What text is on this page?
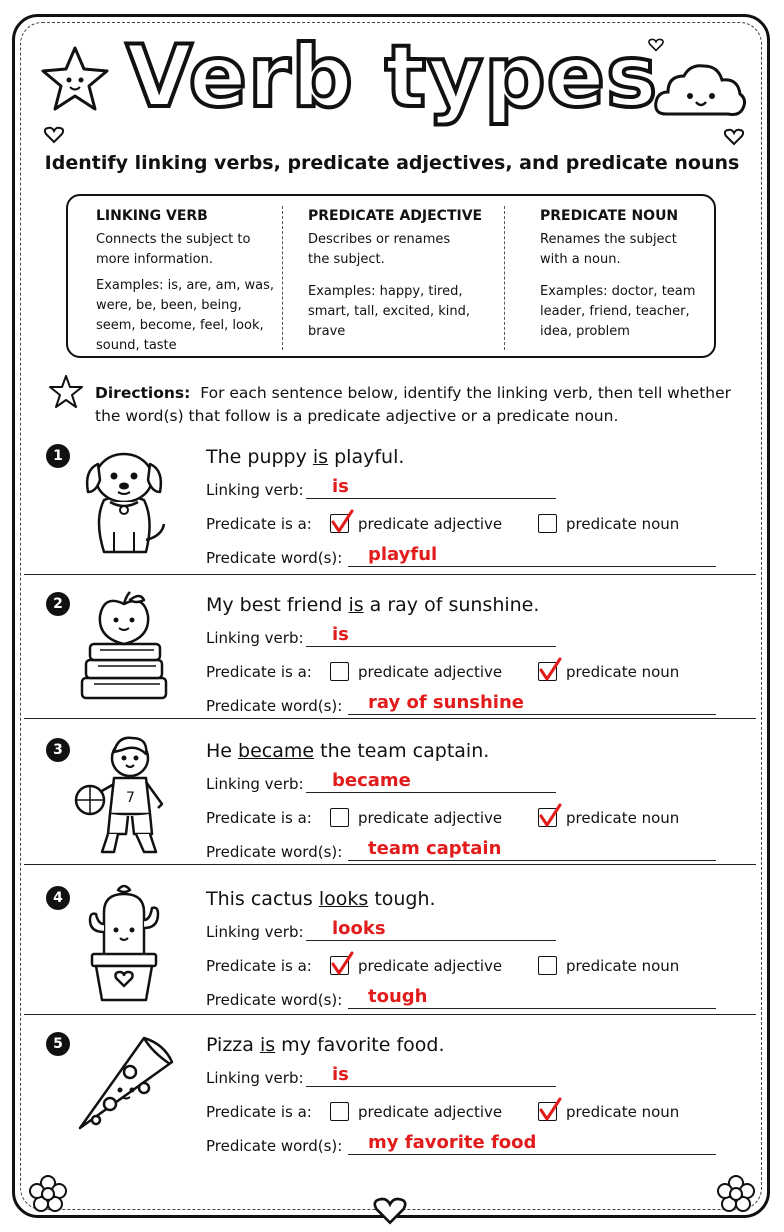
Verb types
Identify linking verbs, predicate adjectives, and predicate nouns
LINKING VERB

Connects the subject to more information.

Examples: is, are, am, was, were, be, been, being, seem, become, feel, look, sound, taste

PREDICATE ADJECTIVE

Describes or renames the subject.

Examples: happy, tired, smart, tall, excited, kind, brave

PREDICATE NOUN

Renames the subject with a noun.

Examples: doctor, team leader, friend, teacher, idea, problem

Directions: For each sentence below, identify the linking verb, then tell whether the word(s) that follow is a predicate adjective or a predicate noun.
1	The puppy is playful.
Linking verb: is
Predicate is a:	predicate adjective	predicate noun
Predicate word(s): playful
2	My best friend is a ray of sunshine.
Linking verb: is
Predicate is a:	predicate adjective	predicate noun
Predicate word(s): ray of sunshine
3
7
He became the team captain.
Linking verb: became
Predicate is a:	predicate adjective	predicate noun
Predicate word(s): team captain
4	This cactus looks tough.
Linking verb: looks
Predicate is a:	predicate adjective	predicate noun
Predicate word(s): tough
5	Pizza is my favorite food.
Linking verb: is
Predicate is a:	predicate adjective	predicate noun
Predicate word(s): my favorite food
